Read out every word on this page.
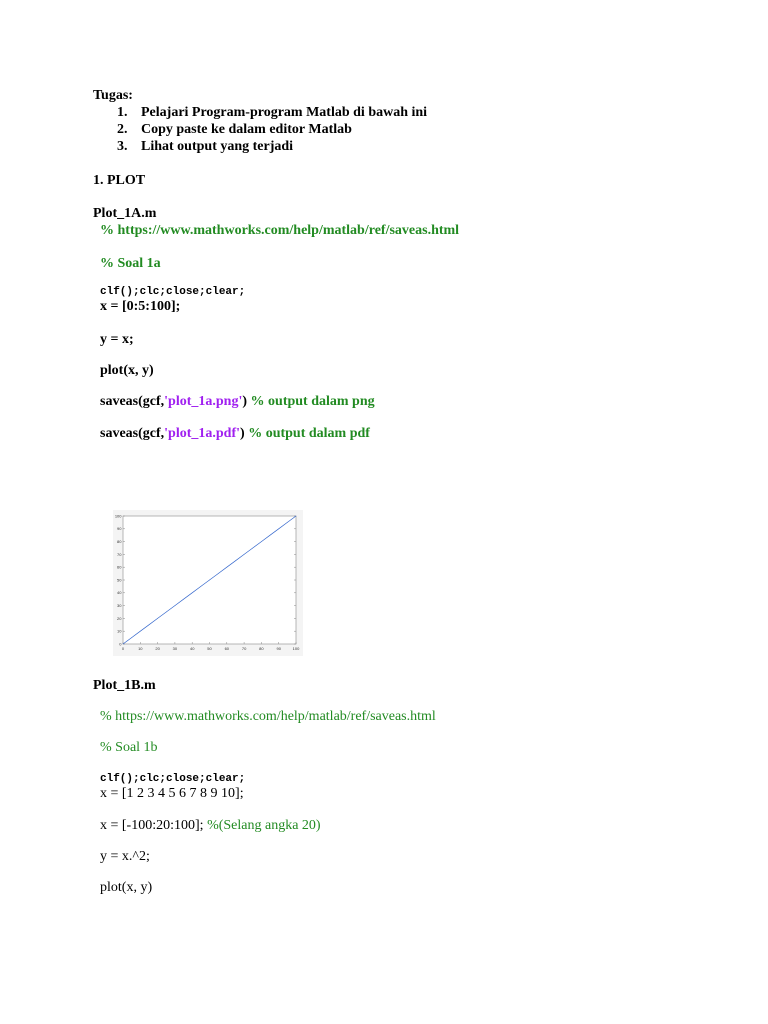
Tugas:
1. Pelajari Program-program Matlab di bawah ini
2. Copy paste ke dalam editor Matlab
3. Lihat output yang terjadi
1. PLOT
Plot_1A.m
% https://www.mathworks.com/help/matlab/ref/saveas.html
% Soal 1a
clf();clc;close;clear;
x = [0:5:100];
y = x;
plot(x, y)
saveas(gcf,'plot_1a.png') % output dalam png
saveas(gcf,'plot_1a.pdf') % output dalam pdf
0	10	20	30	40	50	60	70	80	90	100
0
10
20
30
40
50
60
70
80
90
100
Plot_1B.m
% https://www.mathworks.com/help/matlab/ref/saveas.html
% Soal 1b
clf();clc;close;clear;
x = [1 2 3 4 5 6 7 8 9 10];
x = [-100:20:100]; %(Selang angka 20)
y = x.^2;
plot(x, y)
